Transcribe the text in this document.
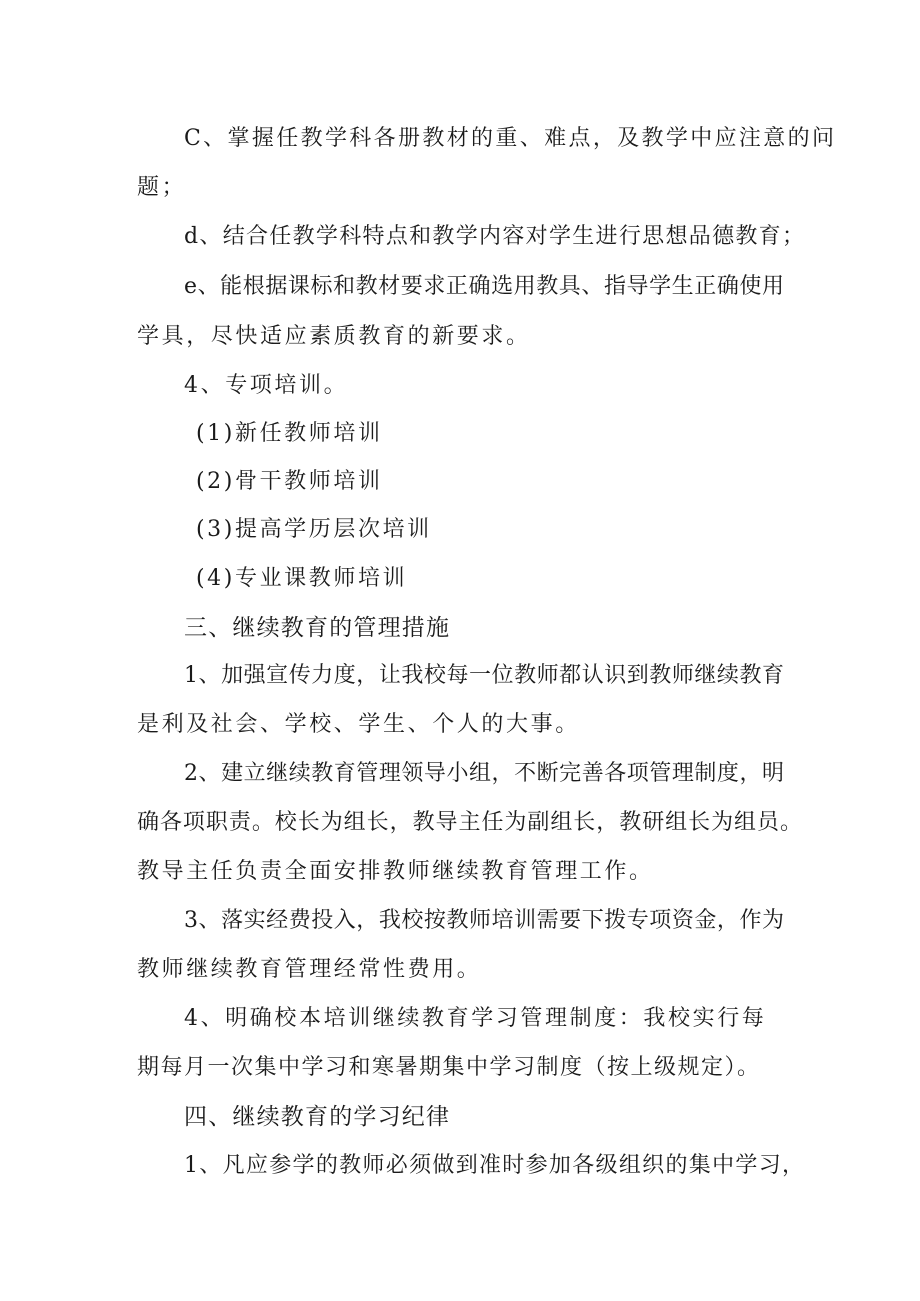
C、掌握任教学科各册教材的重、难点，及教学中应注意的问
题；
d、结合任教学科特点和教学内容对学生进行思想品德教育；
e、能根据课标和教材要求正确选用教具、指导学生正确使用
学具，尽快适应素质教育的新要求。
4、专项培训。
(1)新任教师培训
(2)骨干教师培训
(3)提高学历层次培训
(4)专业课教师培训
三、继续教育的管理措施
1、加强宣传力度，让我校每一位教师都认识到教师继续教育
是利及社会、学校、学生、个人的大事。
2、建立继续教育管理领导小组，不断完善各项管理制度，明
确各项职责。校长为组长，教导主任为副组长，教研组长为组员。
教导主任负责全面安排教师继续教育管理工作。
3、落实经费投入，我校按教师培训需要下拨专项资金，作为
教师继续教育管理经常性费用。
4、明确校本培训继续教育学习管理制度：我校实行每
期每月一次集中学习和寒暑期集中学习制度（按上级规定）。
四、继续教育的学习纪律
1、凡应参学的教师必须做到准时参加各级组织的集中学习，
